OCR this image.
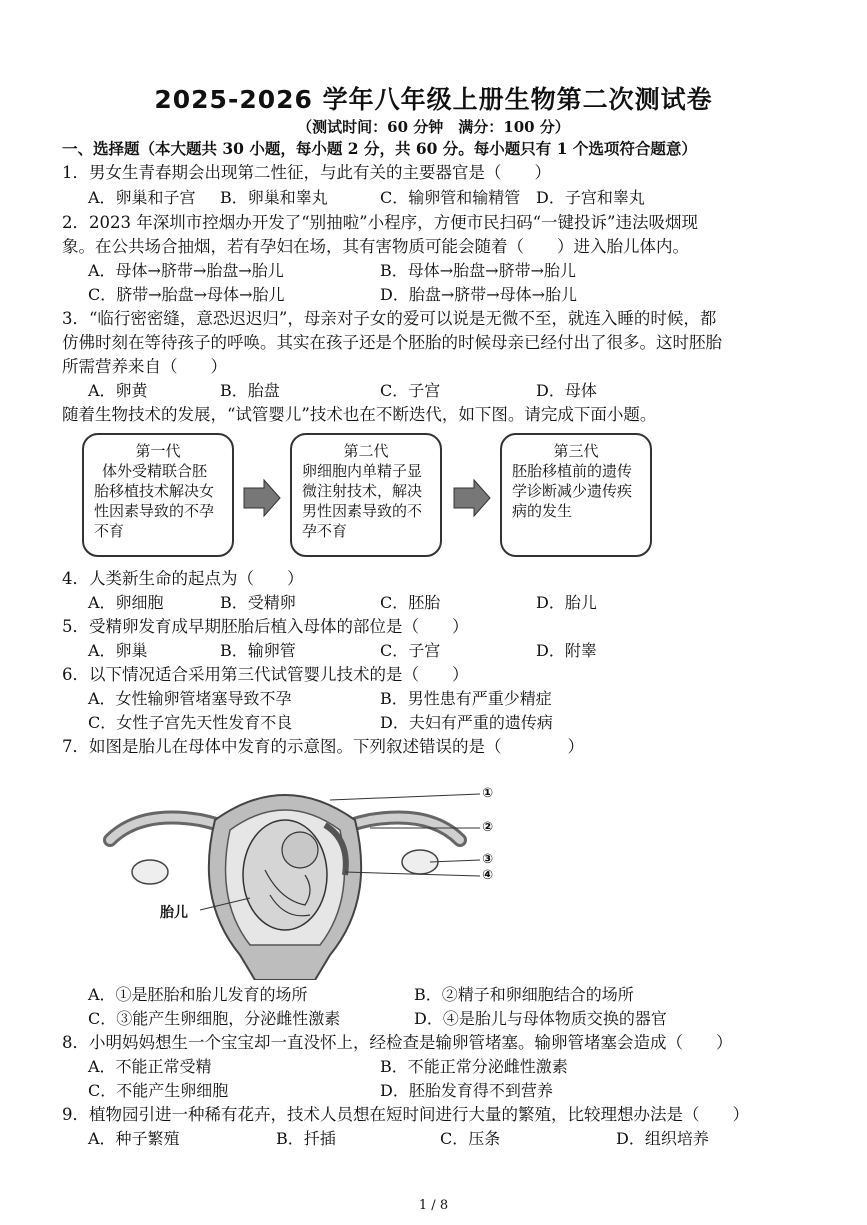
2025-2026 学年八年级上册生物第二次测试卷
（测试时间：60 分钟　满分：100 分）
一、选择题（本大题共 30 小题，每小题 2 分，共 60 分。每小题只有 1 个选项符合题意）
1．男女生青春期会出现第二性征，与此有关的主要器官是（　　）
A．卵巢和子宫 B．卵巢和睾丸	C．输卵管和输精管 D．子宫和睾丸
2．2023 年深圳市控烟办开发了“别抽啦”小程序，方便市民扫码“一键投诉”违法吸烟现
象。在公共场合抽烟，若有孕妇在场，其有害物质可能会随着（　　）进入胎儿体内。
A．母体→脐带→胎盘→胎儿	B．母体→胎盘→脐带→胎儿
C．脐带→胎盘→母体→胎儿	D．胎盘→脐带→母体→胎儿
3．“临行密密缝，意恐迟迟归”，母亲对子女的爱可以说是无微不至，就连入睡的时候，都
仿佛时刻在等待孩子的呼唤。其实在孩子还是个胚胎的时候母亲已经付出了很多。这时胚胎
所需营养来自（　　）
A．卵黄	B．胎盘	C．子宫	D．母体
随着生物技术的发展，“试管婴儿”技术也在不断迭代，如下图。请完成下面小题。
第一代
体外受精联合胚
胎移植技术解决女
性因素导致的不孕
不育
第二代
卵细胞内单精子显
微注射技术，解决
男性因素导致的不
孕不育
第三代
胚胎移植前的遗传
学诊断减少遗传疾
病的发生
4．人类新生命的起点为（　　）
A．卵细胞	B．受精卵	C．胚胎	D．胎儿
5．受精卵发育成早期胚胎后植入母体的部位是（　　）
A．卵巢	B．输卵管	C．子宫	D．附睾
6．以下情况适合采用第三代试管婴儿技术的是（　　）
A．女性输卵管堵塞导致不孕	B．男性患有严重少精症
C．女性子宫先天性发育不良	D．夫妇有严重的遗传病
7．如图是胎儿在母体中发育的示意图。下列叙述错误的是（　　　　）
①
②
③
④
胎儿
A．①是胚胎和胎儿发育的场所	B．②精子和卵细胞结合的场所
C．③能产生卵细胞，分泌雌性激素	D．④是胎儿与母体物质交换的器官
8．小明妈妈想生一个宝宝却一直没怀上，经检查是输卵管堵塞。输卵管堵塞会造成（　　）
A．不能正常受精	B．不能正常分泌雌性激素
C．不能产生卵细胞	D．胚胎发育得不到营养
9．植物园引进一种稀有花卉，技术人员想在短时间进行大量的繁殖，比较理想办法是（　　）
A．种子繁殖	B．扦插	C．压条	D．组织培养
1 / 8
